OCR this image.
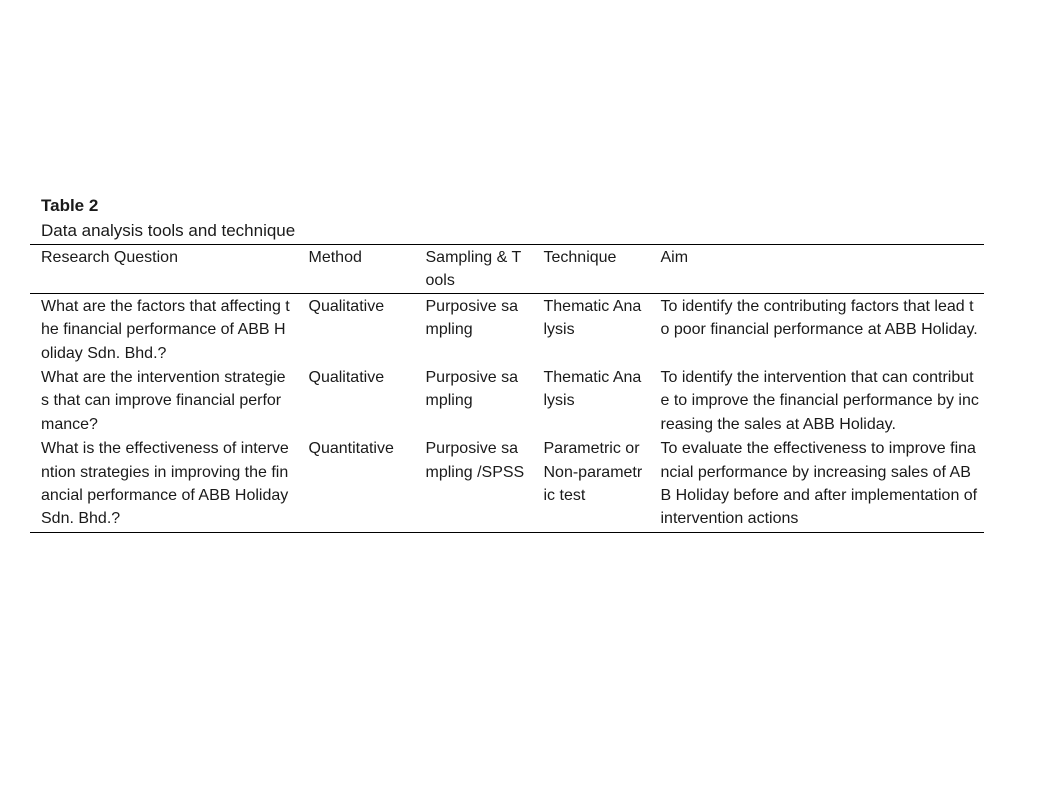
Table 2
Data analysis tools and technique
Research Question	Method	Sampling & Tools	Technique	Aim
What are the factors that affecting the financial performance of ABB Holiday Sdn. Bhd.?	Qualitative	Purposive sampling	Thematic Analysis	To identify the contributing factors that lead to poor financial performance at ABB Holiday.
What are the intervention strategies that can improve financial performance?	Qualitative	Purposive sampling	Thematic Analysis	To identify the intervention that can contribute to improve the financial performance by increasing the sales at ABB Holiday.
What is the effectiveness of intervention strategies in improving the financial performance of ABB Holiday Sdn. Bhd.?	Quantitative	Purposive sampling /SPSS	Parametric or Non-parametric test	To evaluate the effectiveness to improve financial performance by increasing sales of ABB Holiday before and after implementation of intervention actions
